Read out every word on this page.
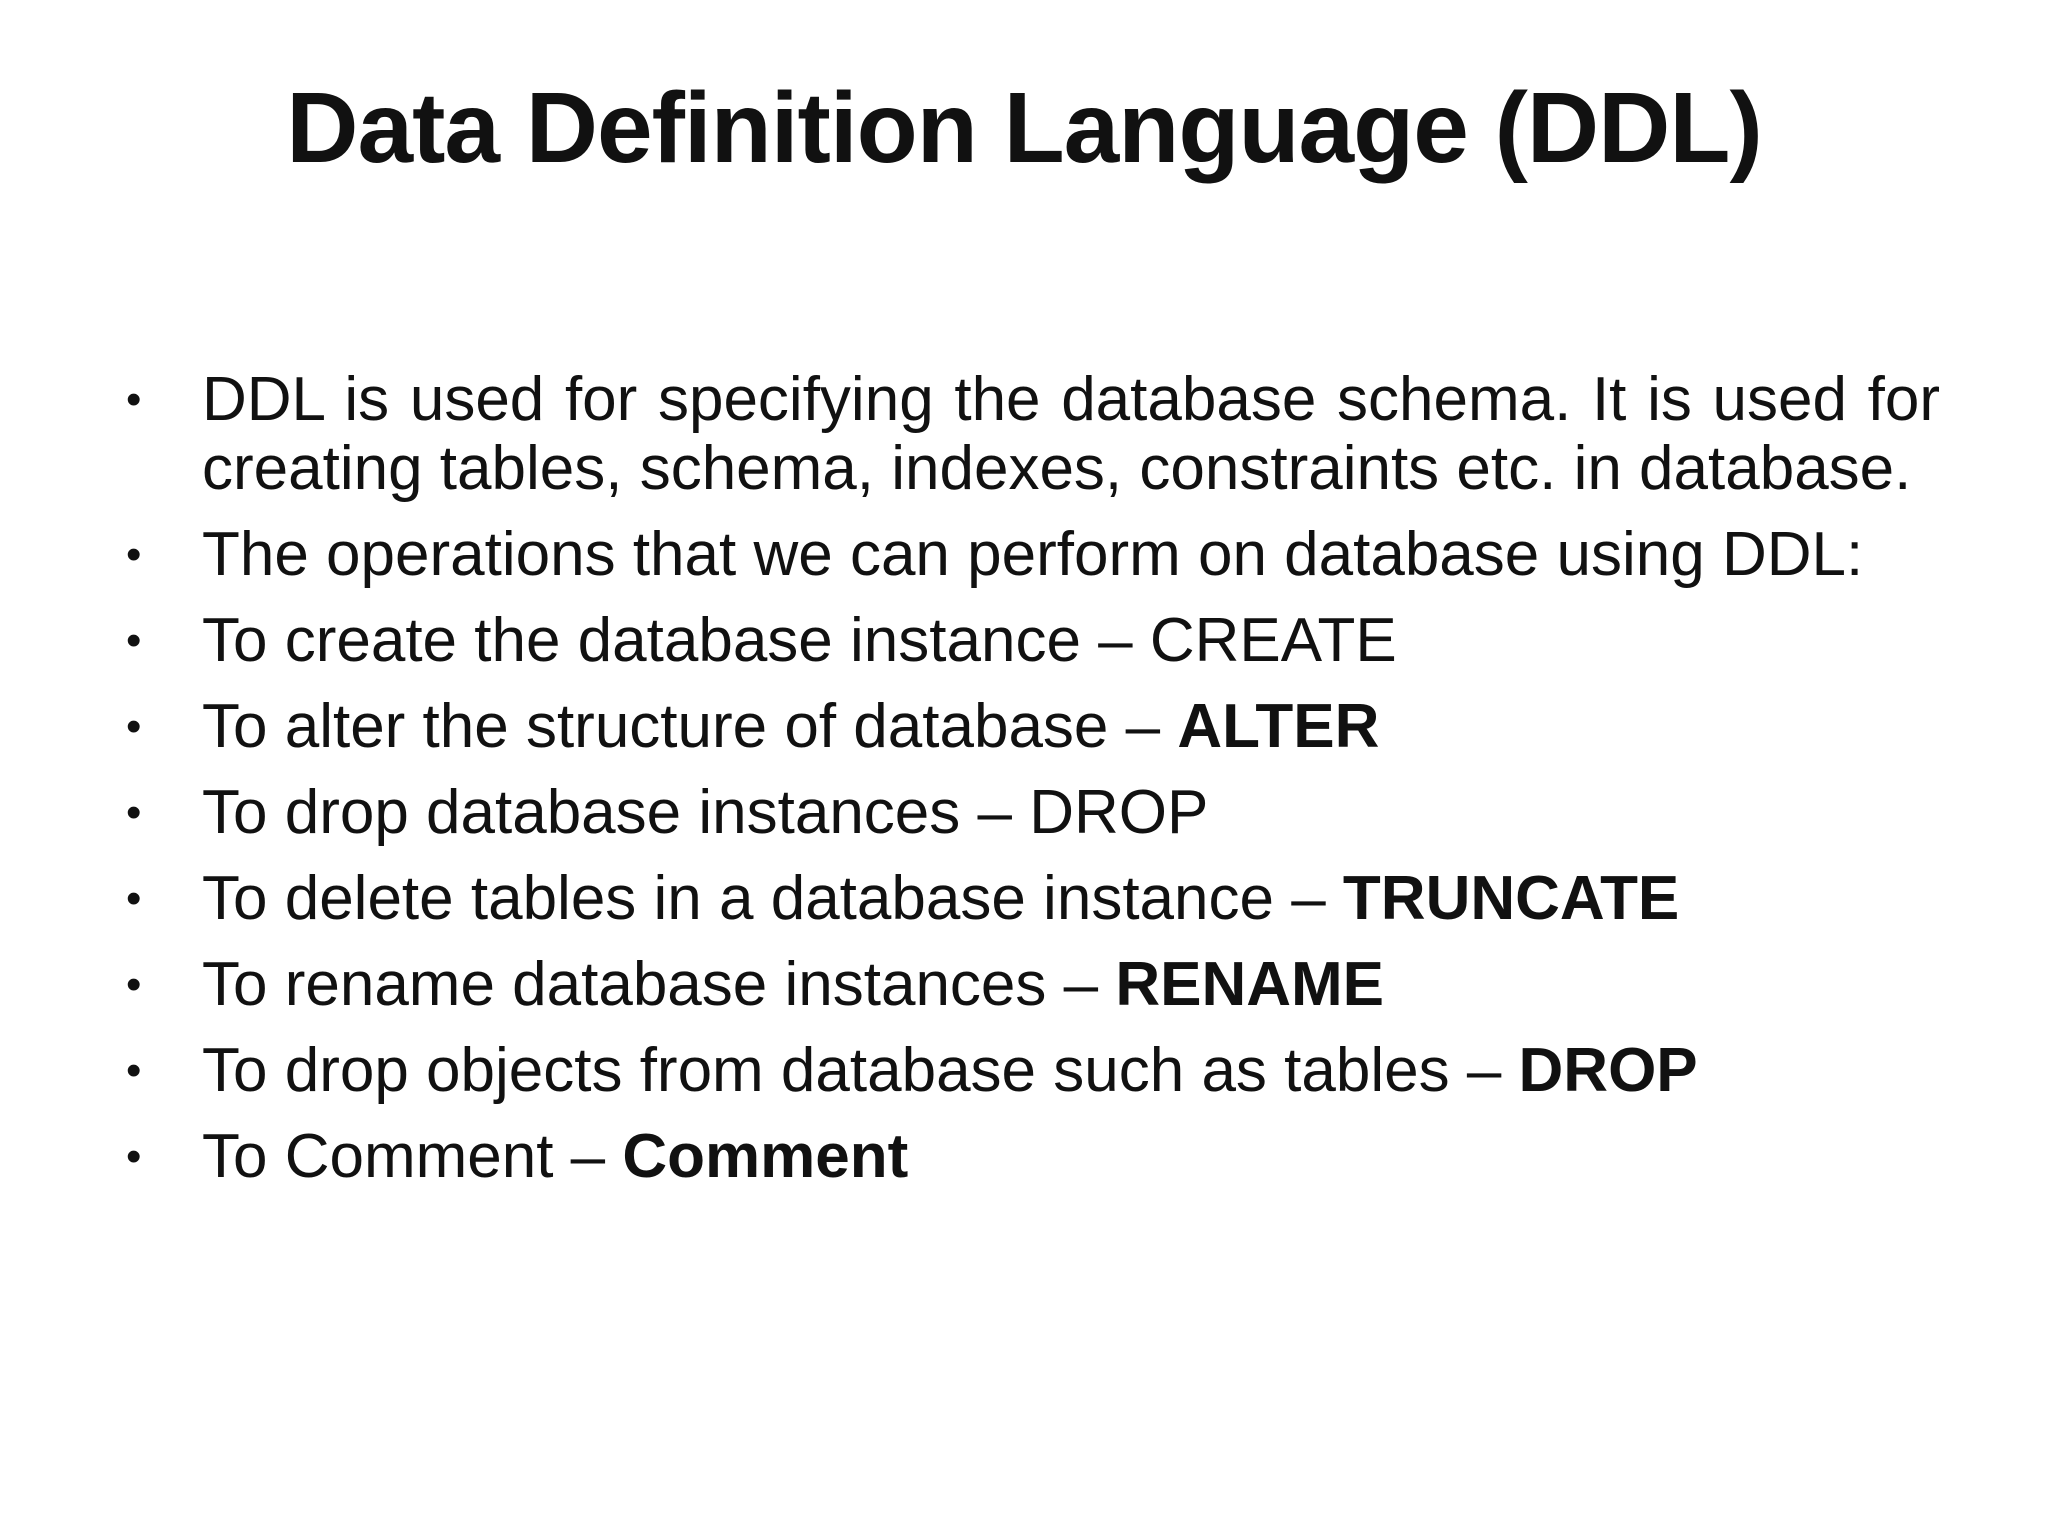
Data Definition Language (DDL)
• DDL is used for specifying the database schema. It is used for creating tables, schema, indexes, constraints etc. in database.
• The operations that we can perform on database using DDL:
• To create the database instance – CREATE
• To alter the structure of database – ALTER
• To drop database instances – DROP
• To delete tables in a database instance – TRUNCATE
• To rename database instances – RENAME
• To drop objects from database such as tables – DROP
• To Comment – Comment
